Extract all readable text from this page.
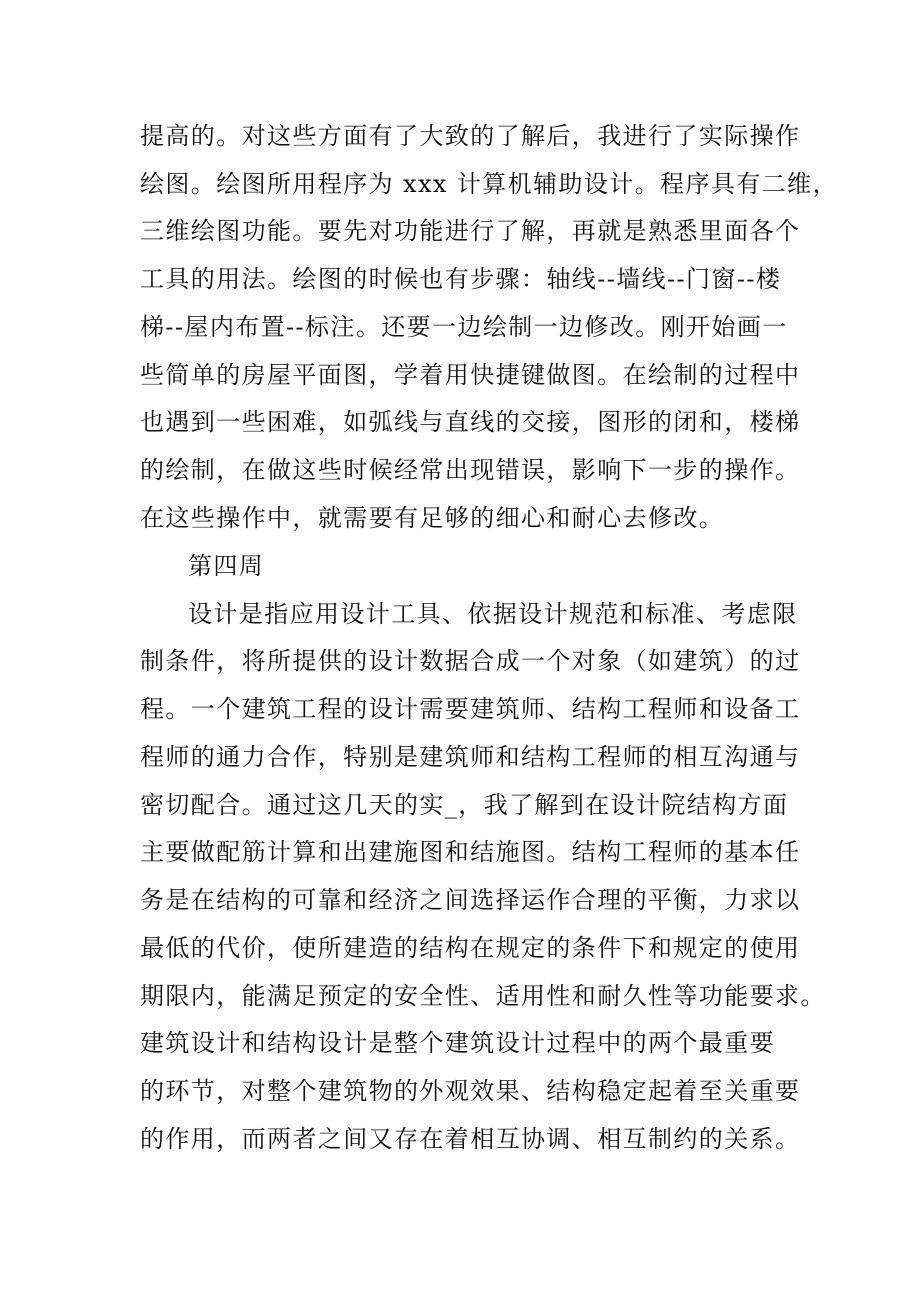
提高的。对这些方面有了大致的了解后，我进行了实际操作
绘图。绘图所用程序为 xxx 计算机辅助设计。程序具有二维，
三维绘图功能。要先对功能进行了解，再就是熟悉里面各个
工具的用法。绘图的时候也有步骤：轴线--墙线--门窗--楼
梯--屋内布置--标注。还要一边绘制一边修改。刚开始画一
些简单的房屋平面图，学着用快捷键做图。在绘制的过程中
也遇到一些困难，如弧线与直线的交接，图形的闭和，楼梯
的绘制，在做这些时候经常出现错误，影响下一步的操作。
在这些操作中，就需要有足够的细心和耐心去修改。
第四周
设计是指应用设计工具、依据设计规范和标准、考虑限
制条件，将所提供的设计数据合成一个对象（如建筑）的过
程。一个建筑工程的设计需要建筑师、结构工程师和设备工
程师的通力合作，特别是建筑师和结构工程师的相互沟通与
密切配合。通过这几天的实_，我了解到在设计院结构方面
主要做配筋计算和出建施图和结施图。结构工程师的基本任
务是在结构的可靠和经济之间选择运作合理的平衡，力求以
最低的代价，使所建造的结构在规定的条件下和规定的使用
期限内，能满足预定的安全性、适用性和耐久性等功能要求。
建筑设计和结构设计是整个建筑设计过程中的两个最重要
的环节，对整个建筑物的外观效果、结构稳定起着至关重要
的作用，而两者之间又存在着相互协调、相互制约的关系。
